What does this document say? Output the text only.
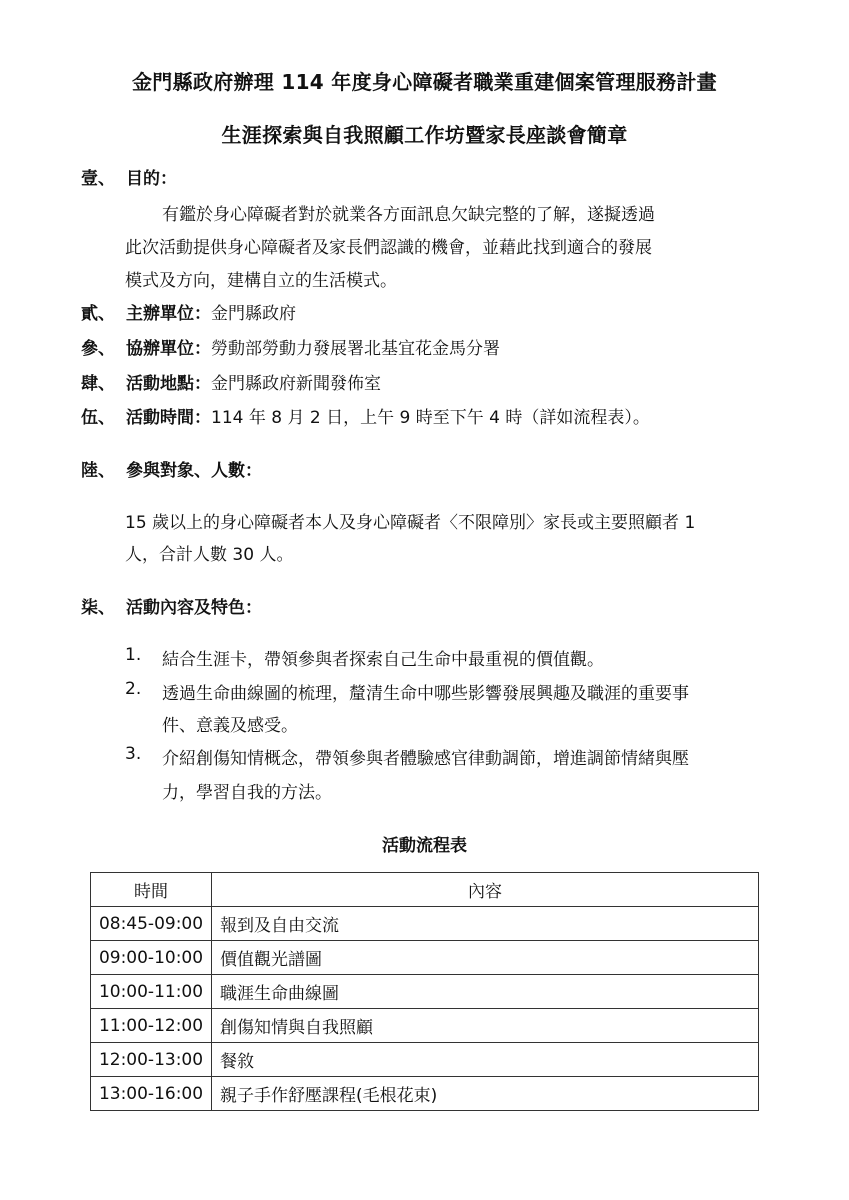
金門縣政府辦理 114 年度身心障礙者職業重建個案管理服務計畫
生涯探索與自我照顧工作坊暨家長座談會簡章
壹、 目的：
有鑑於身心障礙者對於就業各方面訊息欠缺完整的了解，遂擬透過
此次活動提供身心障礙者及家長們認識的機會，並藉此找到適合的發展
模式及方向，建構自立的生活模式。
貳、 主辦單位：金門縣政府
參、 協辦單位：勞動部勞動力發展署北基宜花金馬分署
肆、 活動地點：金門縣政府新聞發佈室
伍、 活動時間：114 年 8 月 2 日，上午 9 時至下午 4 時（詳如流程表）。
陸、 參與對象、人數：
15 歲以上的身心障礙者本人及身心障礙者〈不限障別〉家長或主要照顧者 1
人，合計人數 30 人。
柒、 活動內容及特色：
1. 結合生涯卡，帶領參與者探索自己生命中最重視的價值觀。
2. 透過生命曲線圖的梳理，釐清生命中哪些影響發展興趣及職涯的重要事
件、意義及感受。
3. 介紹創傷知情概念，帶領參與者體驗感官律動調節，增進調節情緒與壓
力，學習自我的方法。
活動流程表
時間	內容
08:45-09:00	報到及自由交流
09:00-10:00	價值觀光譜圖
10:00-11:00	職涯生命曲線圖
11:00-12:00	創傷知情與自我照顧
12:00-13:00	餐敘
13:00-16:00	親子手作舒壓課程(毛根花束)
